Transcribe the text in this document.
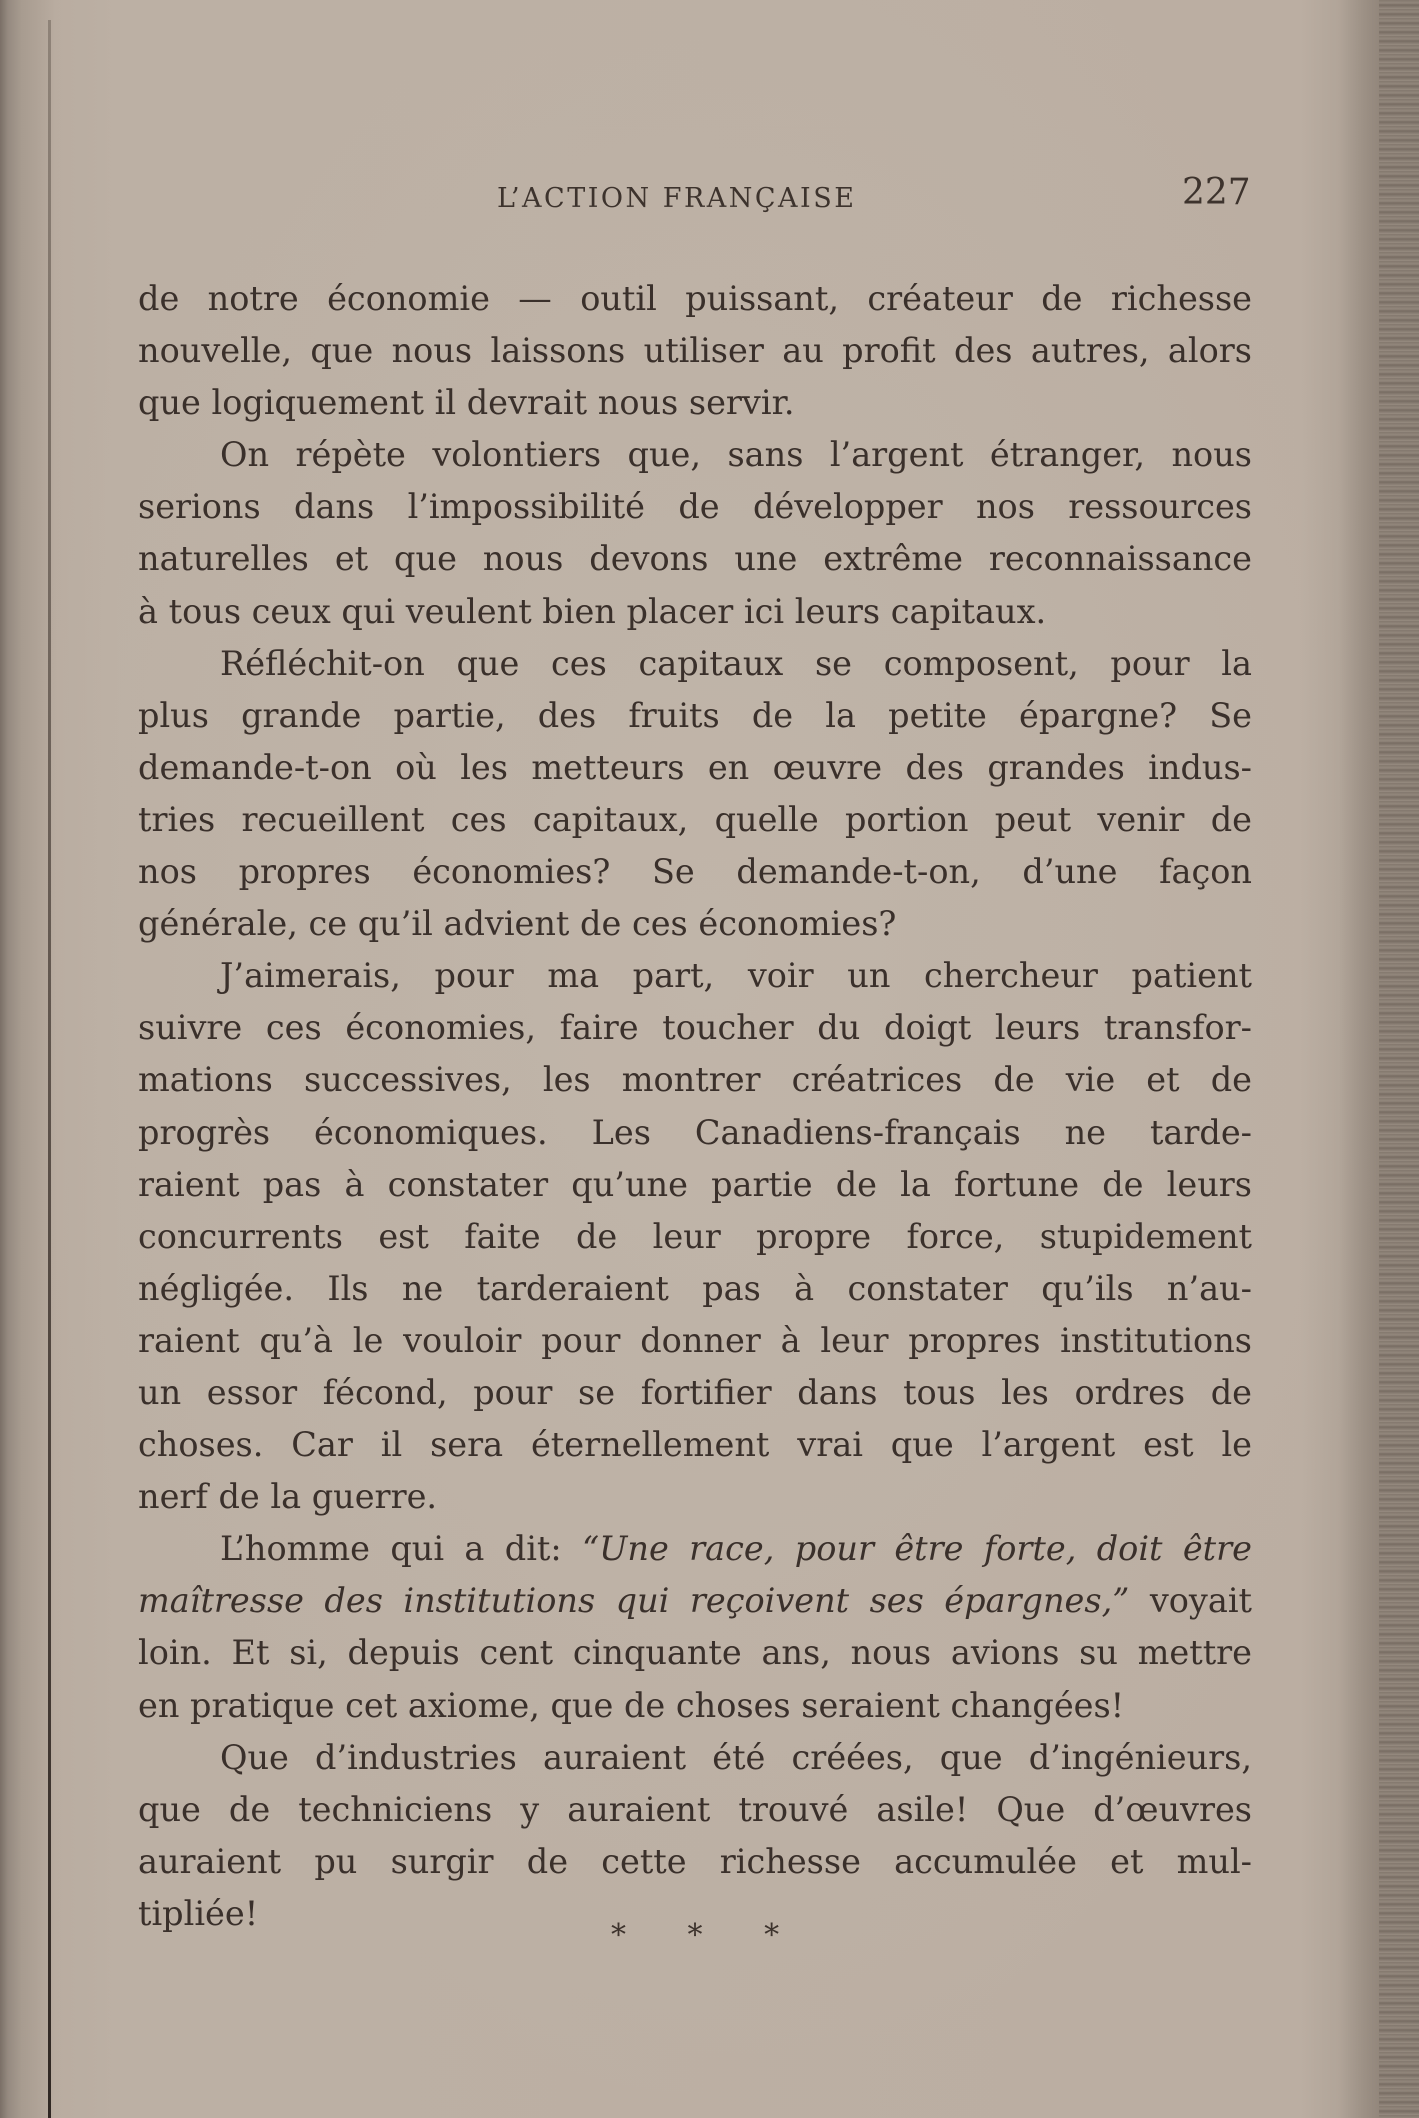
L’ACTION FRANÇAISE	227
de notre économie — outil puissant, créateur de richesse
nouvelle, que nous laissons utiliser au profit des autres, alors
que logiquement il devrait nous servir.
On répète volontiers que, sans l’argent étranger, nous
serions dans l’impossibilité de développer nos ressources
naturelles et que nous devons une extrême reconnaissance
à tous ceux qui veulent bien placer ici leurs capitaux.
Réfléchit-on que ces capitaux se composent, pour la
plus grande partie, des fruits de la petite épargne? Se
demande-t-on où les metteurs en œuvre des grandes indus-
tries recueillent ces capitaux, quelle portion peut venir de
nos propres économies? Se demande-t-on, d’une façon
générale, ce qu’il advient de ces économies?
J’aimerais, pour ma part, voir un chercheur patient
suivre ces économies, faire toucher du doigt leurs transfor-
mations successives, les montrer créatrices de vie et de
progrès économiques. Les Canadiens-français ne tarde-
raient pas à constater qu’une partie de la fortune de leurs
concurrents est faite de leur propre force, stupidement
négligée. Ils ne tarderaient pas à constater qu’ils n’au-
raient qu’à le vouloir pour donner à leur propres institutions
un essor fécond, pour se fortifier dans tous les ordres de
choses. Car il sera éternellement vrai que l’argent est le
nerf de la guerre.
L’homme qui a dit: “Une race, pour être forte, doit être
maîtresse des institutions qui reçoivent ses épargnes,” voyait
loin. Et si, depuis cent cinquante ans, nous avions su mettre
en pratique cet axiome, que de choses seraient changées!
Que d’industries auraient été créées, que d’ingénieurs,
que de techniciens y auraient trouvé asile! Que d’œuvres
auraient pu surgir de cette richesse accumulée et mul-
tipliée!
* * *
